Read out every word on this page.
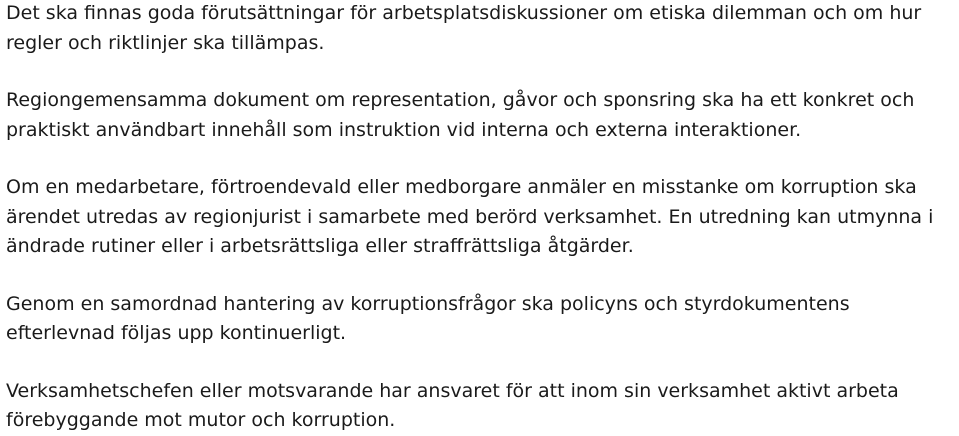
Det ska finnas goda förutsättningar för arbetsplatsdiskussioner om etiska dilemman och om hur regler och riktlinjer ska tillämpas.

Regiongemensamma dokument om representation, gåvor och sponsring ska ha ett konkret och praktiskt användbart innehåll som instruktion vid interna och externa interaktioner.

Om en medarbetare, förtroendevald eller medborgare anmäler en misstanke om korruption ska ärendet utredas av regionjurist i samarbete med berörd verksamhet. En utredning kan utmynna i ändrade rutiner eller i arbetsrättsliga eller straffrättsliga åtgärder.

Genom en samordnad hantering av korruptionsfrågor ska policyns och styrdokumentens efterlevnad följas upp kontinuerligt.

Verksamhetschefen eller motsvarande har ansvaret för att inom sin verksamhet aktivt arbeta förebyggande mot mutor och korruption.
